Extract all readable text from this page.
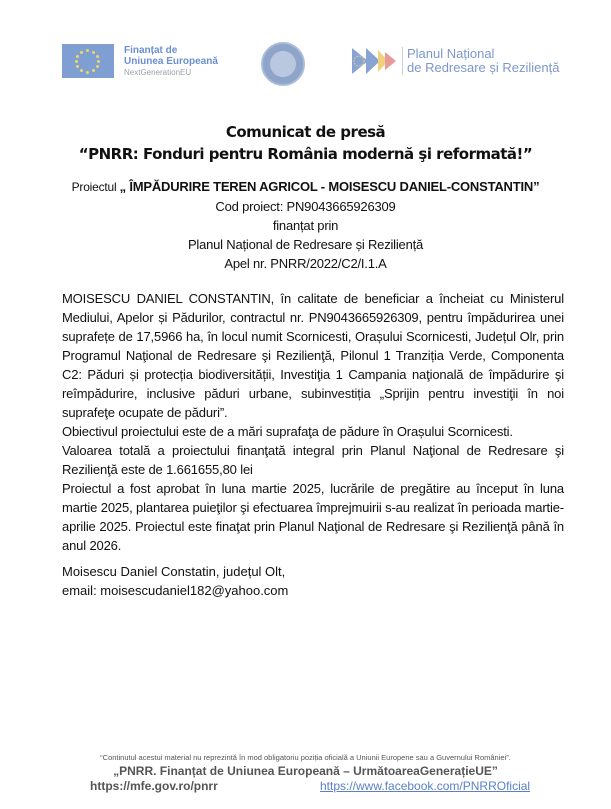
Finanțat de
Uniunea Europeană
NextGenerationEU
Planul Național
de Redresare și Reziliență
Comunicat de presă
“PNRR: Fonduri pentru România modernă şi reformată!”
Proiectul „ ÎMPĂDURIRE TEREN AGRICOL - MOISESCU DANIEL-CONSTANTIN”
Cod proiect: PN9043665926309
finanțat prin
Planul Național de Redresare și Reziliență
Apel nr. PNRR/2022/C2/I.1.A

MOISESCU DANIEL CONSTANTIN, în calitate de beneficiar a încheiat cu Ministerul Mediului, Apelor și Pădurilor, contractul nr. PN9043665926309, pentru împădurirea unei suprafețe de 17,5966 ha, în locul numit Scornicesti, Orașului Scornicesti, Județul Olr, prin Programul Naţional de Redresare şi Rezilienţă, Pilonul 1 Tranziția Verde, Componenta C2: Păduri și protecția biodiversității, Investiţia 1 Campania naţională de împădurire şi reîmpădurire, inclusive păduri urbane, subinvestiția „Sprijin pentru investiţii în noi suprafeţe ocupate de păduri”.

Obiectivul proiectului este de a mări suprafaţa de pădure în Orașului Scornicesti.

Valoarea totală a proiectului finanţată integral prin Planul Naţional de Redresare şi Rezilienţă este de 1.661655,80 lei

Proiectul a fost aprobat în luna martie 2025, lucrările de pregătire au început în luna martie 2025, plantarea puieţilor şi efectuarea împrejmuirii s-au realizat în perioada martie-aprilie 2025. Proiectul este finaţat prin Planul Naţional de Redresare şi Rezilienţă până în anul 2026.

Moisescu Daniel Constatin, județul Olt,
email: moisescudaniel182@yahoo.com
“Continutul acestui material nu reprezintă în mod obligatoriu poziția oficială a Uniunii Europene sau a Guvernului României”.
„PNRR. Finanțat de Uniunea Europeană – UrmătoareaGenerațieUE”
https://mfe.gov.ro/pnrr	https://www.facebook.com/PNRROficial
